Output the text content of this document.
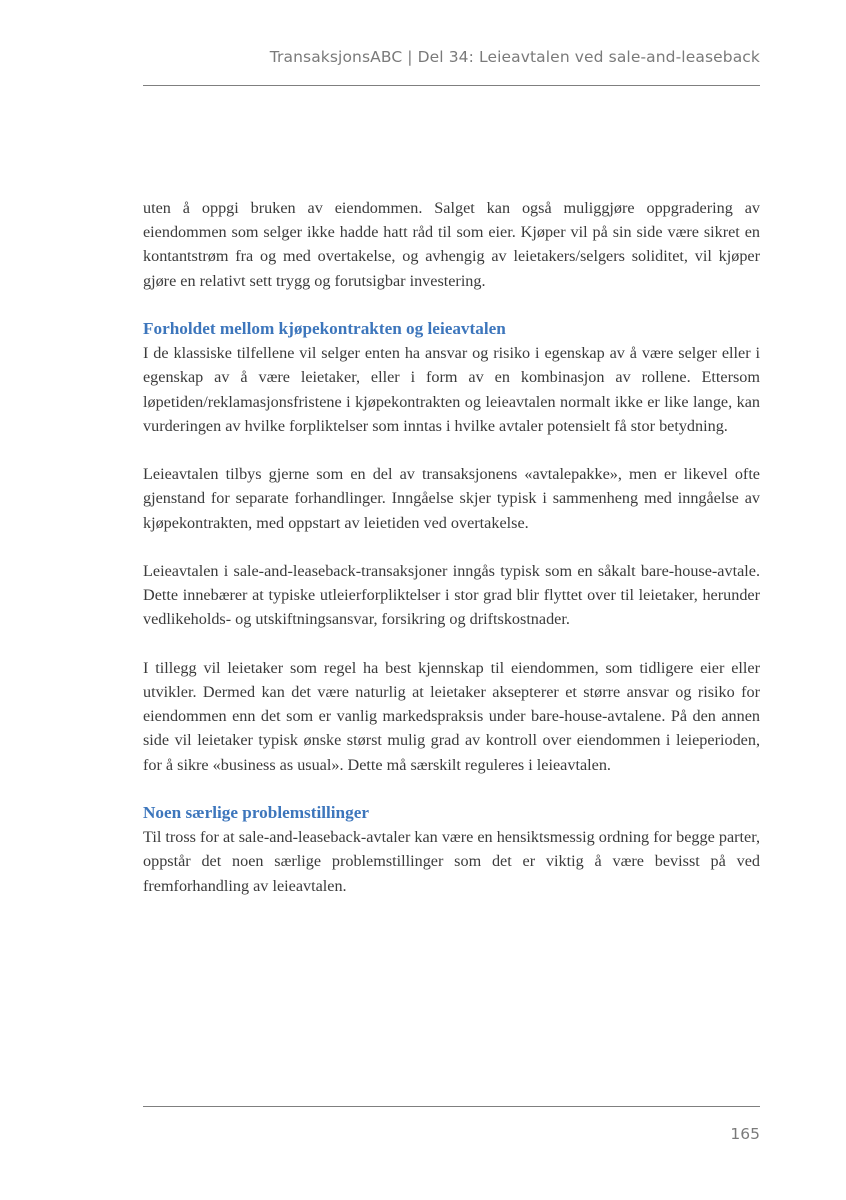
TransaksjonsABC | Del 34: Leieavtalen ved sale-and-leaseback

uten å oppgi bruken av eiendommen. Salget kan også muliggjøre oppgradering av eiendommen som selger ikke hadde hatt råd til som eier. Kjøper vil på sin side være sikret en kontantstrøm fra og med overtakelse, og avhengig av leietakers/selgers soliditet, vil kjøper gjøre en relativt sett trygg og forutsigbar investering.

Forholdet mellom kjøpekontrakten og leieavtalen

I de klassiske tilfellene vil selger enten ha ansvar og risiko i egenskap av å være selger eller i egenskap av å være leietaker, eller i form av en kombinasjon av rollene. Ettersom løpetiden/reklamasjonsfristene i kjøpekontrakten og leieavtalen normalt ikke er like lange, kan vurderingen av hvilke forpliktelser som inntas i hvilke avtaler potensielt få stor betydning.

Leieavtalen tilbys gjerne som en del av transaksjonens «avtalepakke», men er likevel ofte gjenstand for separate forhandlinger. Inngåelse skjer typisk i sammenheng med inngåelse av kjøpekontrakten, med oppstart av leietiden ved overtakelse.

Leieavtalen i sale-and-leaseback-transaksjoner inngås typisk som en såkalt bare-house-avtale. Dette innebærer at typiske utleierforpliktelser i stor grad blir flyttet over til leietaker, herunder vedlikeholds- og utskiftningsansvar, forsikring og driftskostnader.

I tillegg vil leietaker som regel ha best kjennskap til eiendommen, som tidligere eier eller utvikler. Dermed kan det være naturlig at leietaker aksepterer et større ansvar og risiko for eiendommen enn det som er vanlig markedspraksis under bare-house-avtalene. På den annen side vil leietaker typisk ønske størst mulig grad av kontroll over eiendommen i leieperioden, for å sikre «business as usual». Dette må særskilt reguleres i leieavtalen.

Noen særlige problemstillinger

Til tross for at sale-and-leaseback-avtaler kan være en hensiktsmessig ordning for begge parter, oppstår det noen særlige problemstillinger som det er viktig å være bevisst på ved fremforhandling av leieavtalen.

165
